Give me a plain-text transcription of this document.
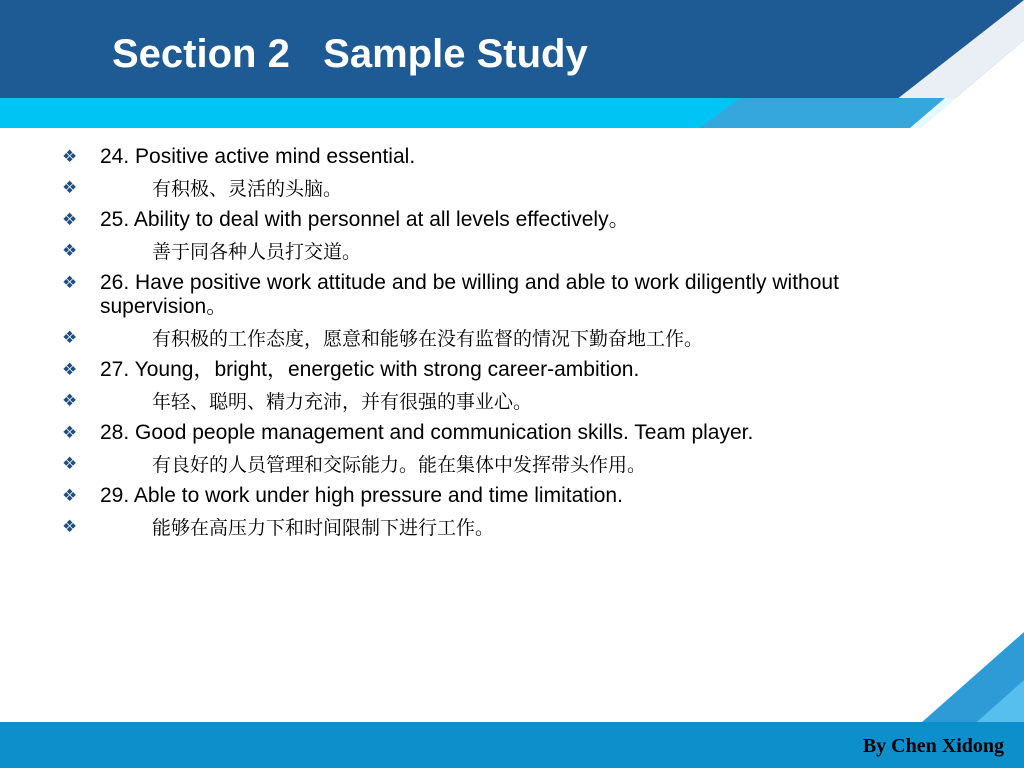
Section 2   Sample Study
❖	24. Positive active mind essential.
❖	有积极、灵活的头脑。
❖	25. Ability to deal with personnel at all levels effectively。
❖	善于同各种人员打交道。
❖	26. Have positive work attitude and be willing and able to work diligently without supervision。
❖	有积极的工作态度，愿意和能够在没有监督的情况下勤奋地工作。
❖	27. Young，bright，energetic with strong career-ambition.
❖	年轻、聪明、精力充沛，并有很强的事业心。
❖	28. Good people management and communication skills. Team player.
❖	有良好的人员管理和交际能力。能在集体中发挥带头作用。
❖	29. Able to work under high pressure and time limitation.
❖	能够在高压力下和时间限制下进行工作。

By Chen Xidong
